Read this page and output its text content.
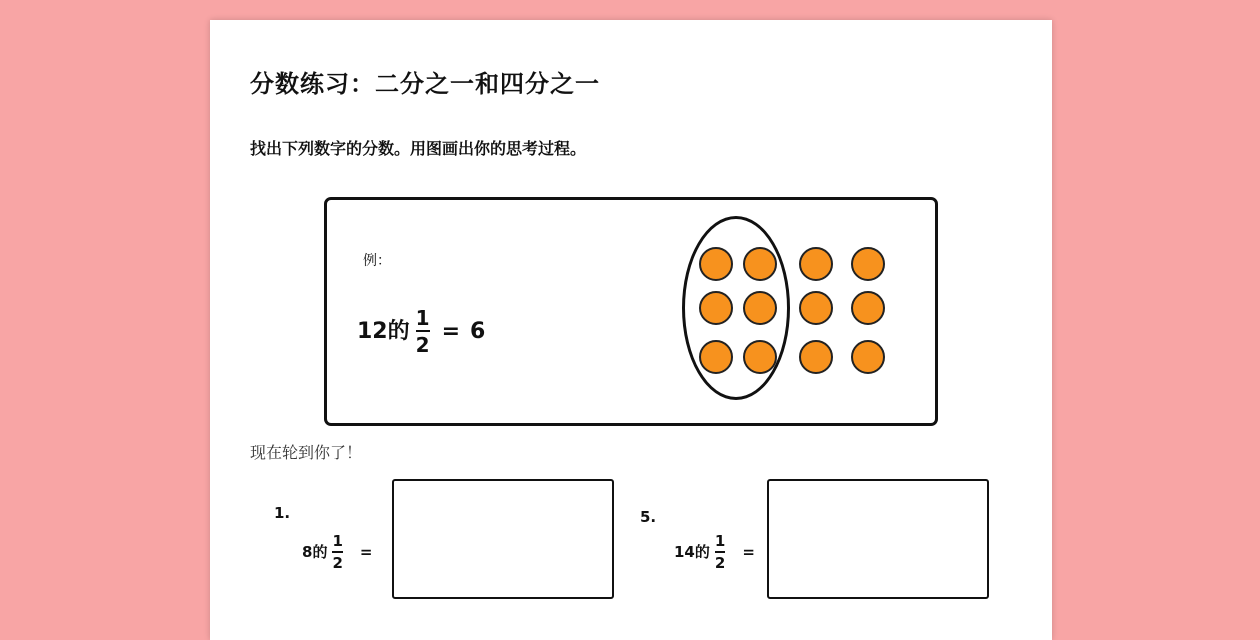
分数练习：二分之一和四分之一
找出下列数字的分数。用图画出你的思考过程。
例：
12 的 $\frac{1}{2} = 6$
现在轮到你了！
1.
8 的 $\frac{1}{2}$ =
5.
14 的 $\frac{1}{2}$ =
